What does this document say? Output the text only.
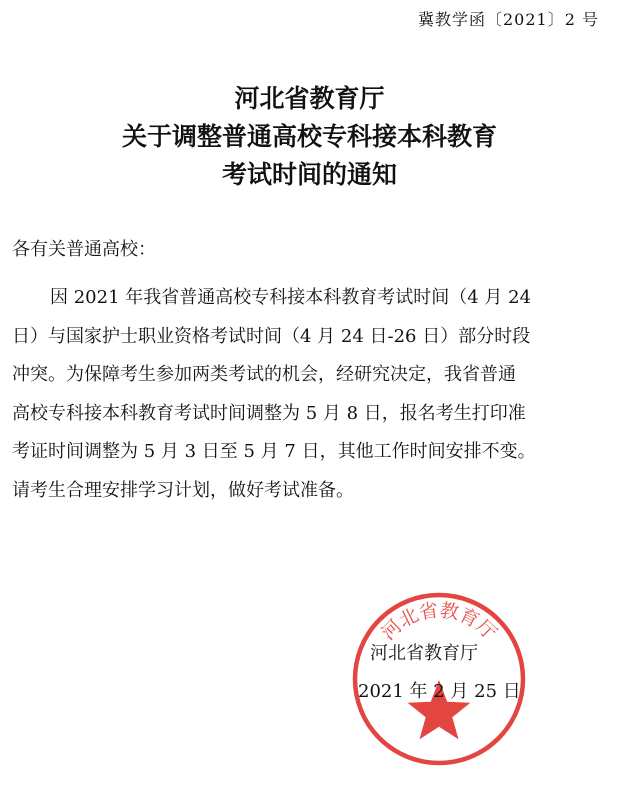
冀教学函〔2021〕2 号
河北省教育厅
关于调整普通高校专科接本科教育
考试时间的通知
各有关普通高校：
因 2021 年我省普通高校专科接本科教育考试时间（4 月 24
日）与国家护士职业资格考试时间（4 月 24 日-26 日）部分时段
冲突。为保障考生参加两类考试的机会，经研究决定，我省普通
高校专科接本科教育考试时间调整为 5 月 8 日，报名考生打印准
考证时间调整为 5 月 3 日至 5 月 7 日，其他工作时间安排不变。
请考生合理安排学习计划，做好考试准备。
河北省教育厅
河北省教育厅
2021 年 2 月 25 日
